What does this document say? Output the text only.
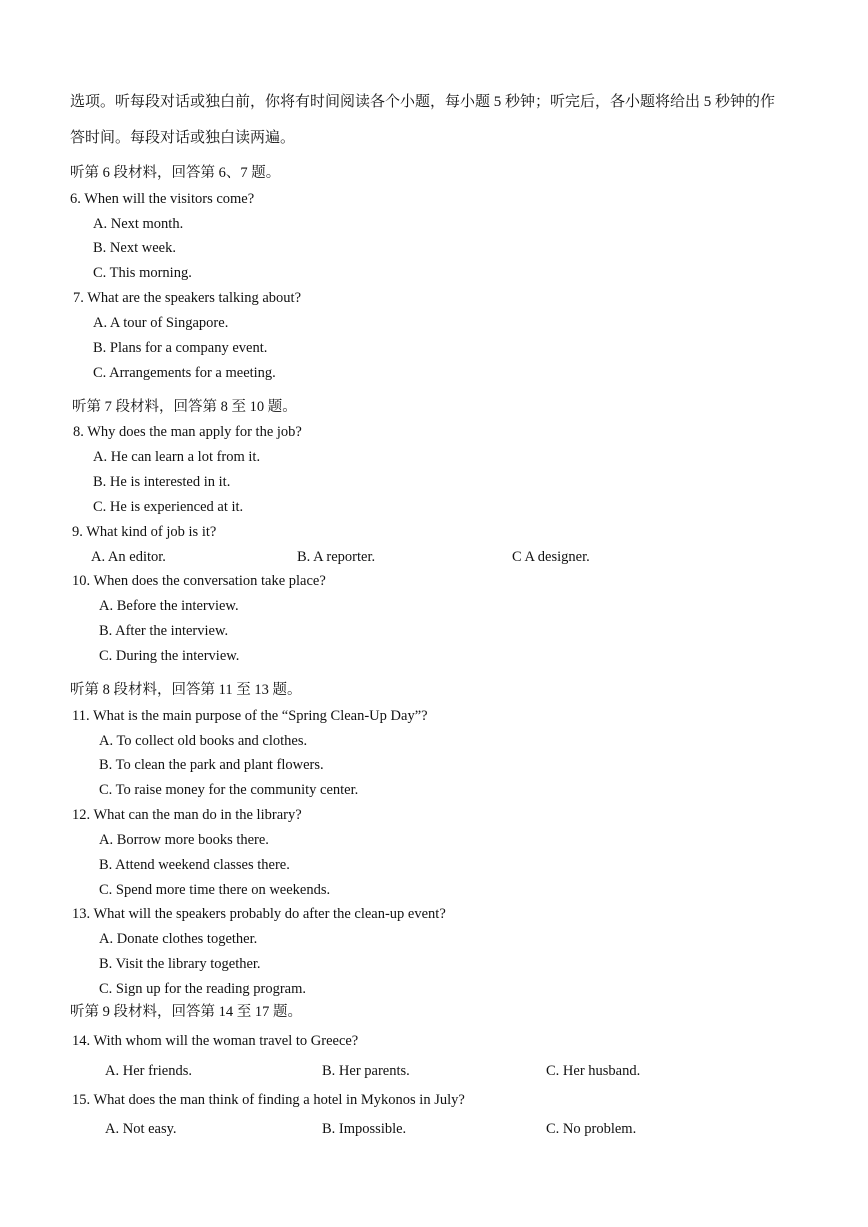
选项。听每段对话或独白前，你将有时间阅读各个小题，每小题 5 秒钟；听完后，各小题将给出 5 秒钟的作
答时间。每段对话或独白读两遍。
听第 6 段材料，回答第 6、7 题。
6. When will the visitors come?
A. Next month.
B. Next week.
C. This morning.
7. What are the speakers talking about?
A. A tour of Singapore.
B. Plans for a company event.
C. Arrangements for a meeting.
听第 7 段材料，回答第 8 至 10 题。
8. Why does the man apply for the job?
A. He can learn a lot from it.
B. He is interested in it.
C. He is experienced at it.
9. What kind of job is it?
A. An editor.	B. A reporter.	C A designer.
10. When does the conversation take place?
A. Before the interview.
B. After the interview.
C. During the interview.
听第 8 段材料，回答第 11 至 13 题。
11. What is the main purpose of the “Spring Clean-Up Day”?
A. To collect old books and clothes.
B. To clean the park and plant flowers.
C. To raise money for the community center.
12. What can the man do in the library?
A. Borrow more books there.
B. Attend weekend classes there.
C. Spend more time there on weekends.
13. What will the speakers probably do after the clean-up event?
A. Donate clothes together.
B. Visit the library together.
C. Sign up for the reading program.
听第 9 段材料，回答第 14 至 17 题。
14. With whom will the woman travel to Greece?
A. Her friends.	B. Her parents.	C. Her husband.
15. What does the man think of finding a hotel in Mykonos in July?
A. Not easy.	B. Impossible.	C. No problem.
